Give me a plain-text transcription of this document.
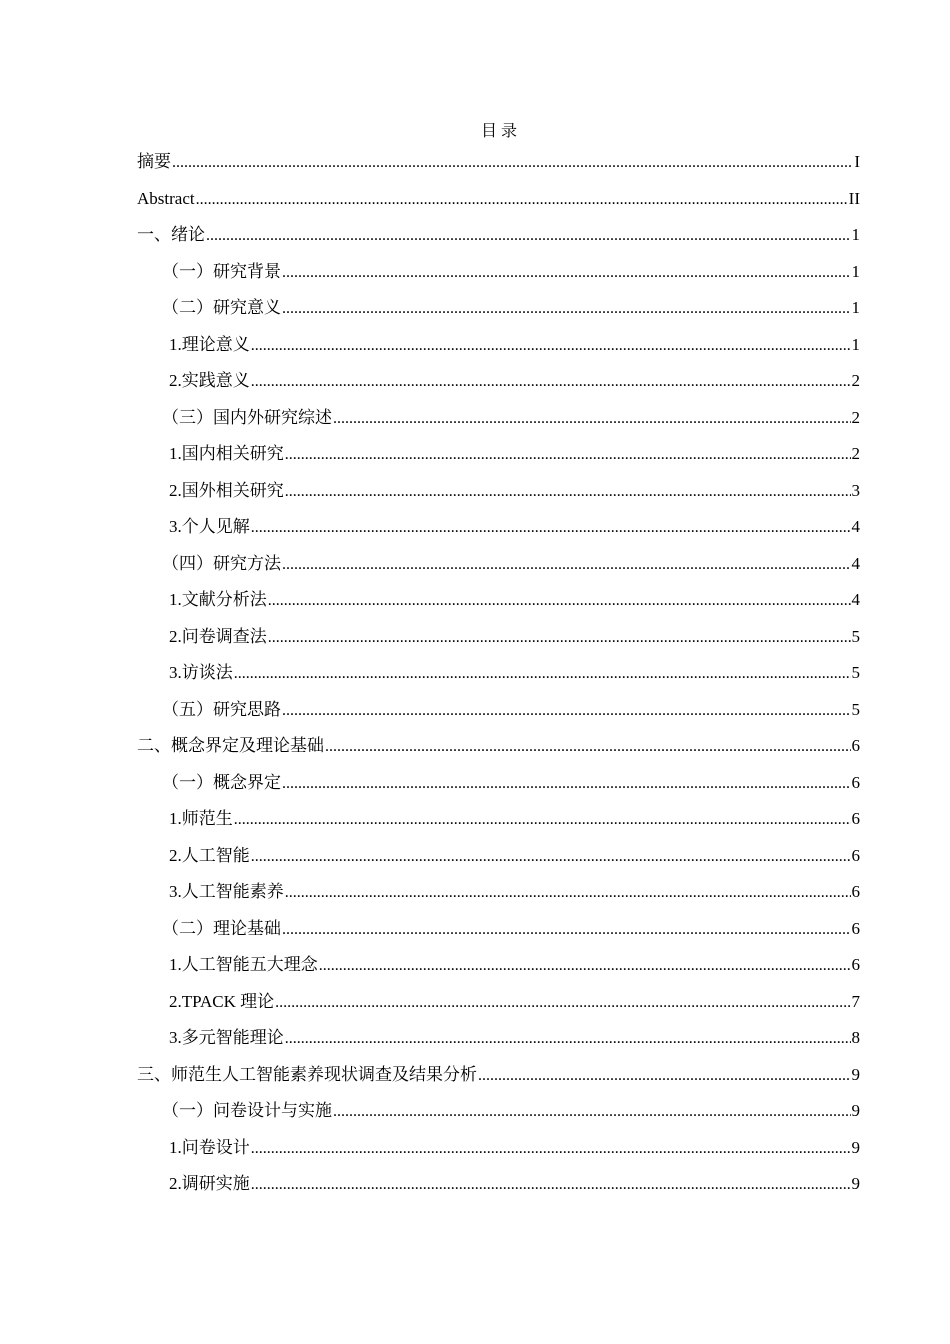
目 录
摘要 .....	I
Abstract .....	II
一、绪论 .....	1
（一）研究背景 .....	1
（二）研究意义 .....	1
1.理论意义 .....	1
2.实践意义 .....	2
（三）国内外研究综述 .....	2
1.国内相关研究 .....	2
2.国外相关研究 .....	3
3.个人见解 .....	4
（四）研究方法 .....	4
1.文献分析法 .....	4
2.问卷调查法 .....	5
3.访谈法 .....	5
（五）研究思路 .....	5
二、概念界定及理论基础 .....	6
（一）概念界定 .....	6
1.师范生 .....	6
2.人工智能 .....	6
3.人工智能素养 .....	6
（二）理论基础 .....	6
1.人工智能五大理念 .....	6
2.TPACK 理论 .....	7
3.多元智能理论 .....	8
三、师范生人工智能素养现状调查及结果分析 .....	9
（一）问卷设计与实施 .....	9
1.问卷设计 .....	9
2.调研实施 .....	9
